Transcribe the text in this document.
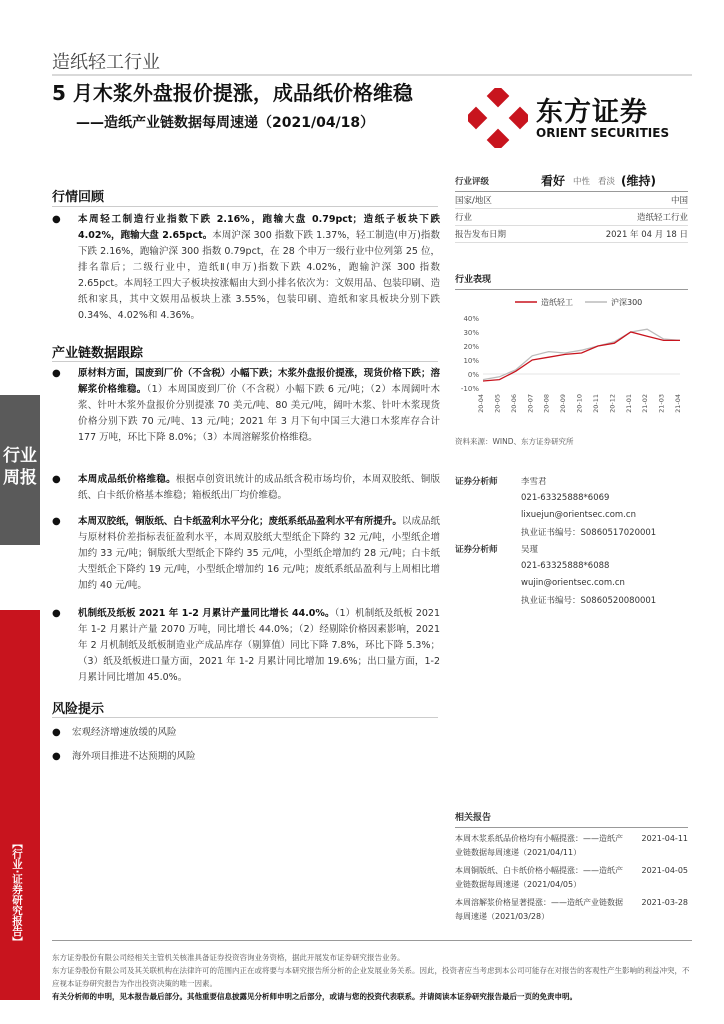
造纸轻工行业
5 月木浆外盘报价提涨，成品纸价格维稳
——造纸产业链数据每周速递（2021/04/18）	东方证券
ORIENT SECURITIES
行业周报
【行业·证券研究报告】
行情回顾
● 本周轻工制造行业指数下跌 2.16%，跑输大盘 0.79pct；造纸子板块下跌 4.02%，跑输大盘 2.65pct。本周沪深 300 指数下跌 1.37%，轻工制造(申万)指数下跌 2.16%，跑输沪深 300 指数 0.79pct，在 28 个申万一级行业中位列第 25 位，排名靠后；二级行业中，造纸Ⅱ(申万)指数下跌 4.02%，跑输沪深 300 指数 2.65pct。本周轻工四大子板块按涨幅由大到小排名依次为：文娱用品、包装印刷、造纸和家具，其中文娱用品板块上涨 3.55%，包装印刷、造纸和家具板块分别下跌 0.34%、4.02%和 4.36%。
产业链数据跟踪
● 原材料方面，国废到厂价（不含税）小幅下跌；木浆外盘报价提涨，现货价格下跌；溶解浆价格维稳。（1）本周国废到厂价（不含税）小幅下跌 6 元/吨；（2）本周阔叶木浆、针叶木浆外盘报价分别提涨 70 美元/吨、80 美元/吨，阔叶木浆、针叶木浆现货价格分别下跌 70 元/吨、13 元/吨；2021 年 3 月下旬中国三大港口木浆库存合计 177 万吨，环比下降 8.0%；（3）本周溶解浆价格维稳。
● 本周成品纸价格维稳。根据卓创资讯统计的成品纸含税市场均价，本周双胶纸、铜版纸、白卡纸价格基本维稳；箱板纸出厂均价维稳。
● 本周双胶纸，铜版纸、白卡纸盈利水平分化；废纸系纸品盈利水平有所提升。以成品纸与原材料价差指标表征盈利水平，本周双胶纸大型纸企下降约 32 元/吨，小型纸企增加约 33 元/吨；铜版纸大型纸企下降约 35 元/吨，小型纸企增加约 28 元/吨；白卡纸大型纸企下降约 19 元/吨，小型纸企增加约 16 元/吨；废纸系纸品盈利与上周相比增加约 40 元/吨。
● 机制纸及纸板 2021 年 1-2 月累计产量同比增长 44.0%。（1）机制纸及纸板 2021 年 1-2 月累计产量 2070 万吨，同比增长 44.0%；（2）经剔除价格因素影响，2021 年 2 月机制纸及纸板制造业产成品库存（剔算值）同比下降 7.8%，环比下降 5.3%；（3）纸及纸板进口量方面，2021 年 1-2 月累计同比增加 19.6%；出口量方面，1-2 月累计同比增加 45.0%。
风险提示
● 宏观经济增速放缓的风险
● 海外项目推进不达预期的风险
行业评级	看好 中性 看淡 (维持)
国家/地区	中国
行业	造纸轻工行业
报告发布日期	2021 年 04 月 18 日
行业表现
造纸轻工	沪深300
40%
30%
20%
10%
0%
-10%
20-04 20-05 20-06 20-07 20-08 20-09 20-10 20-11 20-12 21-01 21-02 21-03 21-04
资料来源：WIND、东方证券研究所
证券分析师	李雪君
021-63325888*6069
lixuejun@orientsec.com.cn
执业证书编号：S0860517020001
证券分析师	吴瑾
021-63325888*6088
wujin@orientsec.com.cn
执业证书编号：S0860520080001
相关报告
本周木浆系纸品价格均有小幅提涨：——造纸产业链数据每周速递（2021/04/11）
2021-04-11
本周铜版纸、白卡纸价格小幅提涨：——造纸产业链数据每周速递（2021/04/05）
2021-04-05
本周溶解浆价格显著提涨：——造纸产业链数据每周速递（2021/03/28）
2021-03-28
东方证券股份有限公司经相关主管机关核准具备证券投资咨询业务资格，据此开展发布证券研究报告业务。
东方证券股份有限公司及其关联机构在法律许可的范围内正在或将要与本研究报告所分析的企业发展业务关系。因此，投资者应当考虑到本公司可能存在对报告的客观性产生影响的利益冲突，不应视本证券研究报告为作出投资决策的唯一因素。
有关分析师的申明，见本报告最后部分。其他重要信息披露见分析师申明之后部分，或请与您的投资代表联系。并请阅读本证券研究报告最后一页的免责申明。
